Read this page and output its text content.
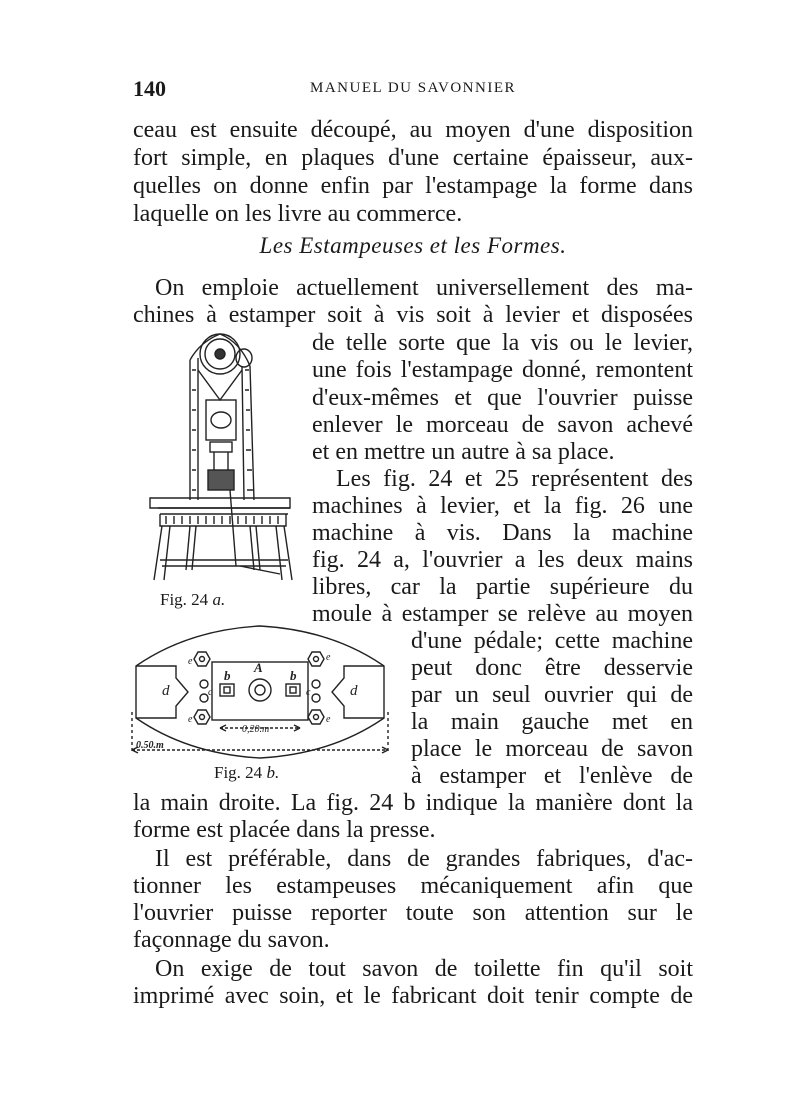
140	MANUEL DU SAVONNIER
ceau est ensuite découpé, au moyen d'une disposition
fort simple, en plaques d'une certaine épaisseur, aux-
quelles on donne enfin par l'estampage la forme dans
laquelle on les livre au commerce.
Les Estampeuses et les Formes.
On emploie actuellement universellement des ma-
chines à estamper soit à vis soit à levier et disposées
de telle sorte que la vis ou le levier,
une fois l'estampage donné, remontent
d'eux-mêmes et que l'ouvrier puisse
enlever le morceau de savon achevé
et en mettre un autre à sa place.
Les fig. 24 et 25 représentent des
machines à levier, et la fig. 26 une
machine à vis. Dans la machine
fig. 24 a, l'ouvrier a les deux mains
libres, car la partie supérieure du
moule à estamper se relève au moyen
d'une pédale; cette machine
peut donc être desservie
par un seul ouvrier qui de
la main gauche met en
place le morceau de savon
à estamper et l'enlève de
la main droite. La fig. 24 b indique la manière dont la
forme est placée dans la presse.
Il est préférable, dans de grandes fabriques, d'ac-
tionner les estampeuses mécaniquement afin que
l'ouvrier puisse reporter toute son attention sur le
façonnage du savon.
On exige de tout savon de toilette fin qu'il soit
imprimé avec soin, et le fabricant doit tenir compte de
Fig. 24 a.
A
b	b
c	c
d	d
e	e
e	e
0,20.m
0.50.m
Fig. 24 b.
